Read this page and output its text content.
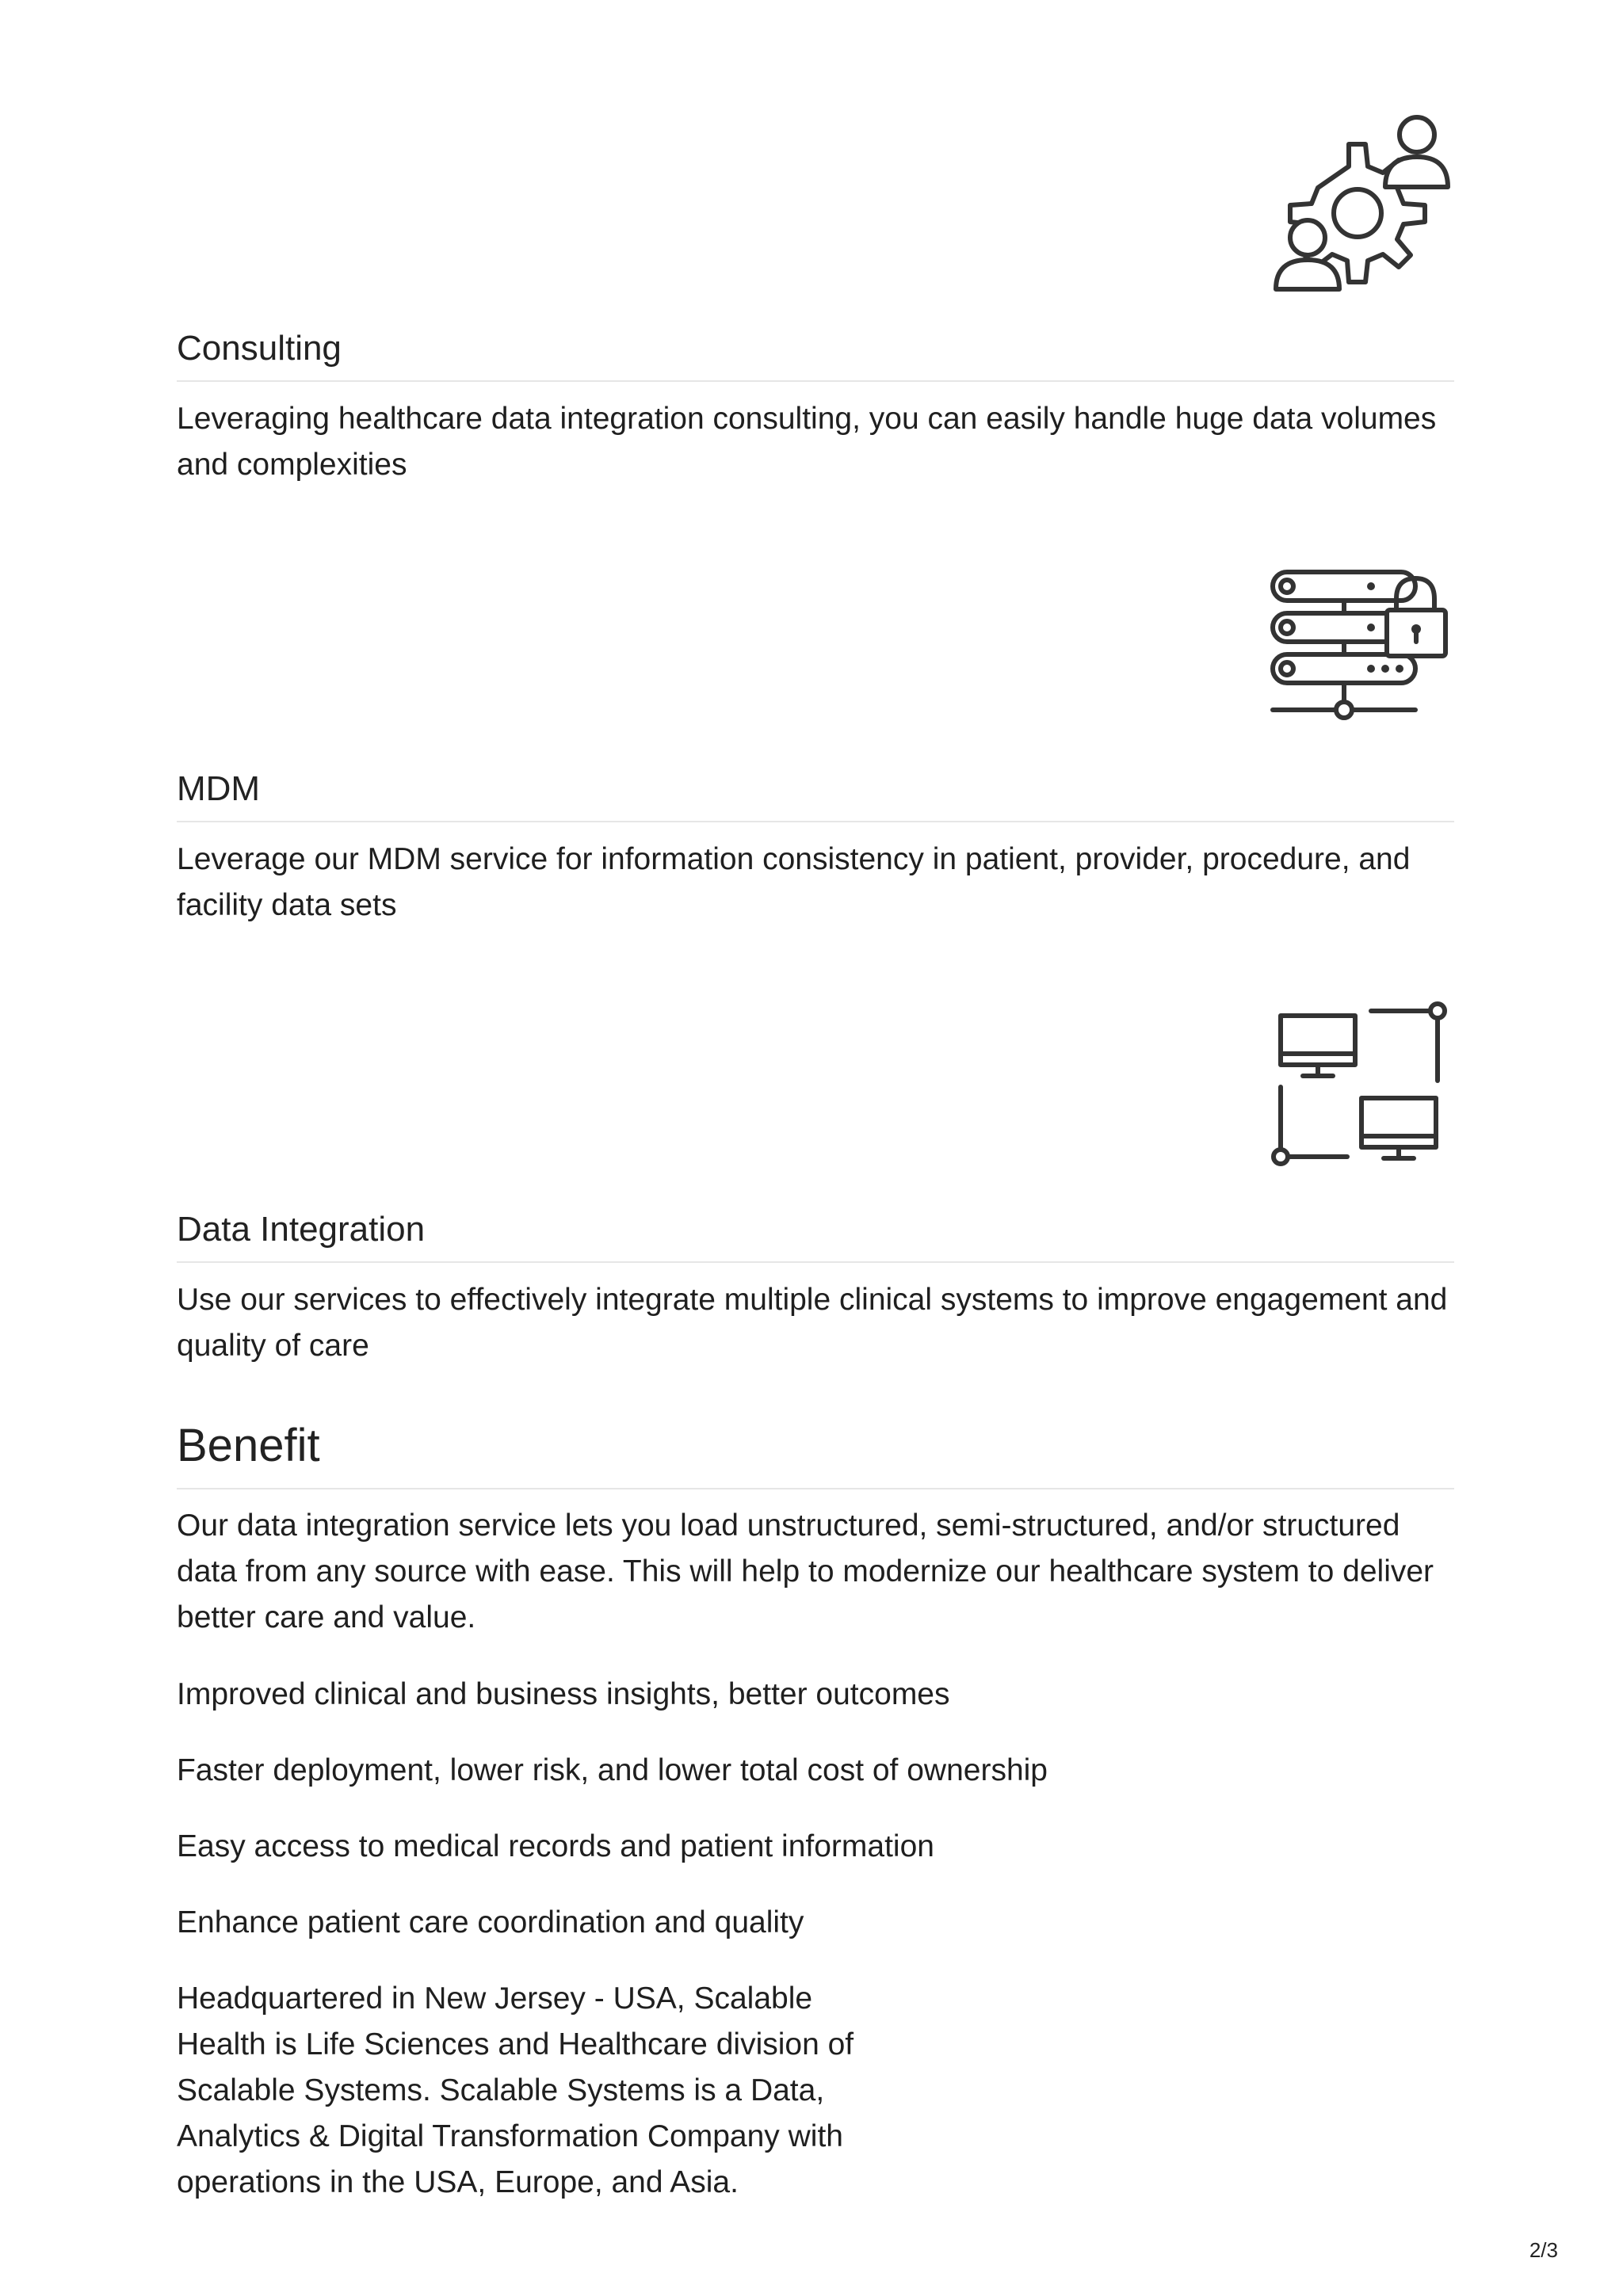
Consulting

Leveraging healthcare data integration consulting, you can easily handle huge data volumes and complexities

MDM

Leverage our MDM service for information consistency in patient, provider, procedure, and facility data sets

Data Integration

Use our services to effectively integrate multiple clinical systems to improve engagement and quality of care

Benefit

Our data integration service lets you load unstructured, semi-structured, and/or structured data from any source with ease. This will help to modernize our healthcare system to deliver better care and value.

Improved clinical and business insights, better outcomes

Faster deployment, lower risk, and lower total cost of ownership

Easy access to medical records and patient information

Enhance patient care coordination and quality

Headquartered in New Jersey - USA, Scalable Health is Life Sciences and Healthcare division of Scalable Systems. Scalable Systems is a Data, Analytics & Digital Transformation Company with operations in the USA, Europe, and Asia.

2/3
